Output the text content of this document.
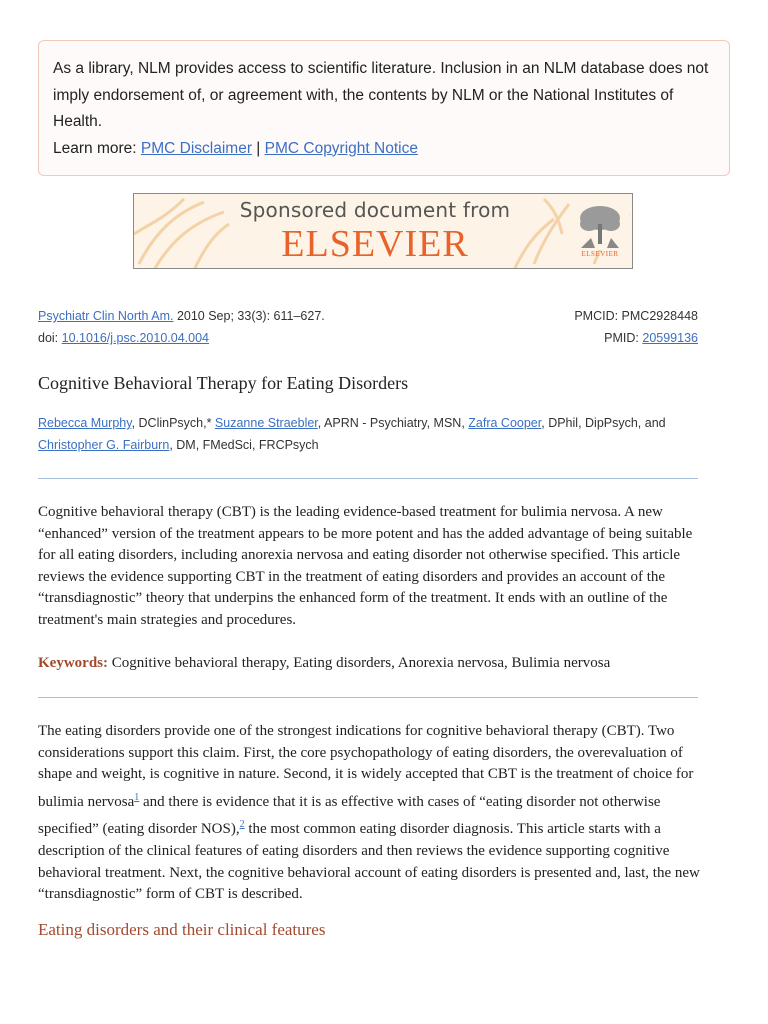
As a library, NLM provides access to scientific literature. Inclusion in an NLM database does not imply endorsement of, or agreement with, the contents by NLM or the National Institutes of Health.

Learn more: PMC Disclaimer | PMC Copyright Notice

Sponsored document from
ELSEVIER	ELSEVIER
Psychiatr Clin North Am. 2010 Sep; 33(3): 611–627.
doi: 10.1016/j.psc.2010.04.004
PMCID: PMC2928448
PMID: 20599136
Cognitive Behavioral Therapy for Eating Disorders
Rebecca Murphy, DClinPsych,* Suzanne Straebler, APRN - Psychiatry, MSN, Zafra Cooper, DPhil, DipPsych, and
Christopher G. Fairburn, DM, FMedSci, FRCPsych

Cognitive behavioral therapy (CBT) is the leading evidence-based treatment for bulimia nervosa. A new “enhanced” version of the treatment appears to be more potent and has the added advantage of being suitable for all eating disorders, including anorexia nervosa and eating disorder not otherwise specified. This article reviews the evidence supporting CBT in the treatment of eating disorders and provides an account of the “transdiagnostic” theory that underpins the enhanced form of the treatment. It ends with an outline of the treatment's main strategies and procedures.

Keywords: Cognitive behavioral therapy, Eating disorders, Anorexia nervosa, Bulimia nervosa

The eating disorders provide one of the strongest indications for cognitive behavioral therapy (CBT). Two considerations support this claim. First, the core psychopathology of eating disorders, the overevaluation of shape and weight, is cognitive in nature. Second, it is widely accepted that CBT is the treatment of choice for bulimia nervosa$^1$ and there is evidence that it is as effective with cases of “eating disorder not otherwise specified” (eating disorder NOS),$^2$ the most common eating disorder diagnosis. This article starts with a description of the clinical features of eating disorders and then reviews the evidence supporting cognitive behavioral treatment. Next, the cognitive behavioral account of eating disorders is presented and, last, the new “transdiagnostic” form of CBT is described.

Eating disorders and their clinical features
